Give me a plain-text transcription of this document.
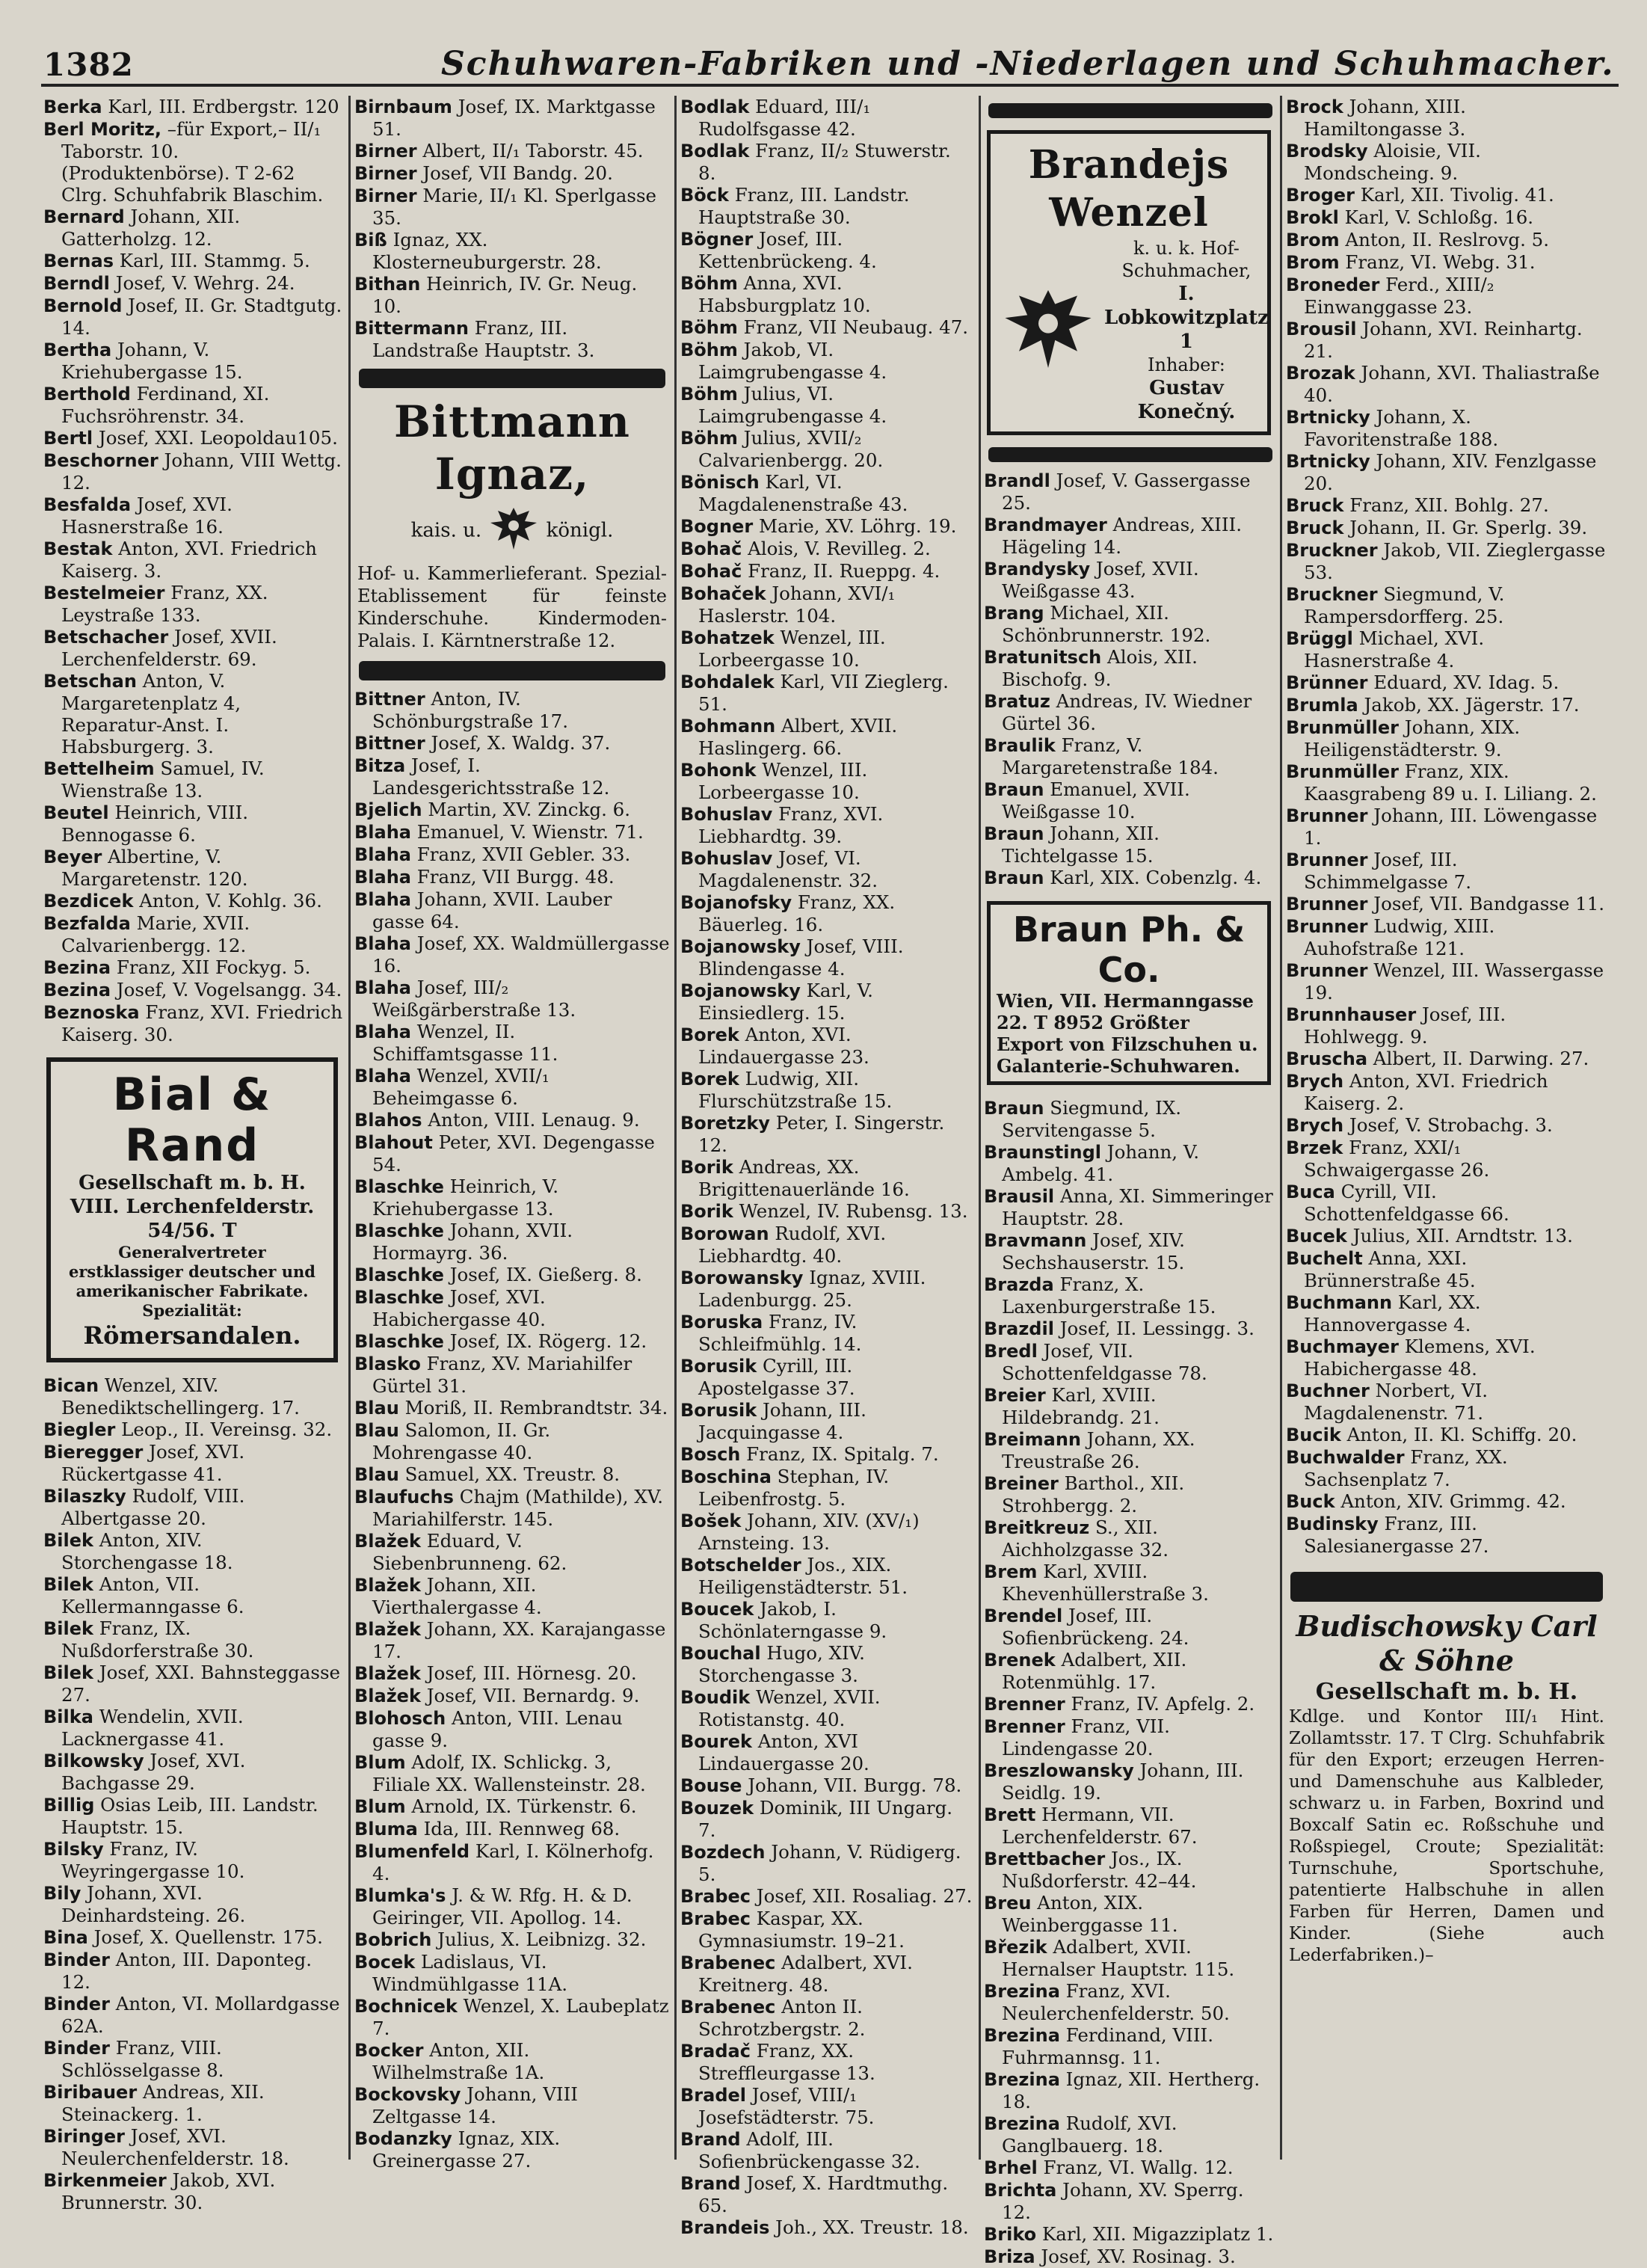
1382	Schuhwaren-Fabriken und -Niederlagen und Schuhmacher.
Berka Karl, III. Erdbergstr. 120
Berl Moritz, –für Export,– II/₁ Taborstr. 10. (Produktenbörse). T 2-62 Clrg. Schuhfabrik Blaschim.
Bernard Johann, XII. Gatterholzg. 12.
Bernas Karl, III. Stammg. 5.
Berndl Josef, V. Wehrg. 24.
Bernold Josef, II. Gr. Stadtgutg. 14.
Bertha Johann, V. Kriehubergasse 15.
Berthold Ferdinand, XI. Fuchsröhrenstr. 34.
Bertl Josef, XXI. Leopoldau105.
Beschorner Johann, VIII Wettg. 12.
Besfalda Josef, XVI. Hasnerstraße 16.
Bestak Anton, XVI. Friedrich Kaiserg. 3.
Bestelmeier Franz, XX. Leystraße 133.
Betschacher Josef, XVII. Lerchenfelderstr. 69.
Betschan Anton, V. Margaretenplatz 4, Reparatur-Anst. I. Habsburgerg. 3.
Bettelheim Samuel, IV. Wienstraße 13.
Beutel Heinrich, VIII. Bennogasse 6.
Beyer Albertine, V. Margaretenstr. 120.
Bezdicek Anton, V. Kohlg. 36.
Bezfalda Marie, XVII. Calvarienbergg. 12.
Bezina Franz, XII Fockyg. 5.
Bezina Josef, V. Vogelsangg. 34.
Beznoska Franz, XVI. Friedrich Kaiserg. 30.
Bial & Rand
Gesellschaft m. b. H.
VIII. Lerchenfelderstr. 54/56. T
Generalvertreter erstklassiger deutscher und amerikanischer Fabrikate. Spezialität:
Römersandalen.
Bican Wenzel, XIV. Benediktschellingerg. 17.
Biegler Leop., II. Vereinsg. 32.
Bieregger Josef, XVI. Rückertgasse 41.
Bilaszky Rudolf, VIII. Albertgasse 20.
Bilek Anton, XIV. Storchengasse 18.
Bilek Anton, VII. Kellermanngasse 6.
Bilek Franz, IX. Nußdorferstraße 30.
Bilek Josef, XXI. Bahnsteggasse 27.
Bilka Wendelin, XVII. Lacknergasse 41.
Bilkowsky Josef, XVI. Bachgasse 29.
Billig Osias Leib, III. Landstr. Hauptstr. 15.
Bilsky Franz, IV. Weyringergasse 10.
Bily Johann, XVI. Deinhardsteing. 26.
Bina Josef, X. Quellenstr. 175.
Binder Anton, III. Daponteg. 12.
Binder Anton, VI. Mollardgasse 62A.
Binder Franz, VIII. Schlösselgasse 8.
Biribauer Andreas, XII. Steinackerg. 1.
Biringer Josef, XVI. Neulerchenfelderstr. 18.
Birkenmeier Jakob, XVI. Brunnerstr. 30.
Birnbaum Josef, IX. Marktgasse 51.
Birner Albert, II/₁ Taborstr. 45.
Birner Josef, VII Bandg. 20.
Birner Marie, II/₁ Kl. Sperlgasse 35.
Biß Ignaz, XX. Klosterneuburgerstr. 28.
Bithan Heinrich, IV. Gr. Neug. 10.
Bittermann Franz, III. Landstraße Hauptstr. 3.
Bittmann Ignaz,
kais. u.	königl.
Hof- u. Kammerlieferant. Spezial-Etablissement für feinste Kinderschuhe. Kindermoden-Palais. I. Kärntnerstraße 12.
Bittner Anton, IV. Schönburgstraße 17.
Bittner Josef, X. Waldg. 37.
Bitza Josef, I. Landesgerichtsstraße 12.
Bjelich Martin, XV. Zinckg. 6.
Blaha Emanuel, V. Wienstr. 71.
Blaha Franz, XVII Gebler. 33.
Blaha Franz, VII Burgg. 48.
Blaha Johann, XVII. Lauber gasse 64.
Blaha Josef, XX. Waldmüllergasse 16.
Blaha Josef, III/₂ Weißgärberstraße 13.
Blaha Wenzel, II. Schiffamtsgasse 11.
Blaha Wenzel, XVII/₁ Beheimgasse 6.
Blahos Anton, VIII. Lenaug. 9.
Blahout Peter, XVI. Degengasse 54.
Blaschke Heinrich, V. Kriehubergasse 13.
Blaschke Johann, XVII. Hormayrg. 36.
Blaschke Josef, IX. Gießerg. 8.
Blaschke Josef, XVI. Habichergasse 40.
Blaschke Josef, IX. Rögerg. 12.
Blasko Franz, XV. Mariahilfer Gürtel 31.
Blau Moriß, II. Rembrandtstr. 34.
Blau Salomon, II. Gr. Mohrengasse 40.
Blau Samuel, XX. Treustr. 8.
Blaufuchs Chajm (Mathilde), XV. Mariahilferstr. 145.
Blažek Eduard, V. Siebenbrunneng. 62.
Blažek Johann, XII. Vierthalergasse 4.
Blažek Johann, XX. Karajangasse 17.
Blažek Josef, III. Hörnesg. 20.
Blažek Josef, VII. Bernardg. 9.
Blohosch Anton, VIII. Lenau gasse 9.
Blum Adolf, IX. Schlickg. 3, Filiale XX. Wallensteinstr. 28.
Blum Arnold, IX. Türkenstr. 6.
Bluma Ida, III. Rennweg 68.
Blumenfeld Karl, I. Kölnerhofg. 4.
Blumka's J. & W. Rfg. H. & D. Geiringer, VII. Apollog. 14.
Bobrich Julius, X. Leibnizg. 32.
Bocek Ladislaus, VI. Windmühlgasse 11A.
Bochnicek Wenzel, X. Laubeplatz 7.
Bocker Anton, XII. Wilhelmstraße 1A.
Bockovsky Johann, VIII Zeltgasse 14.
Bodanzky Ignaz, XIX. Greinergasse 27.
Bodlak Eduard, III/₁ Rudolfsgasse 42.
Bodlak Franz, II/₂ Stuwerstr. 8.
Böck Franz, III. Landstr. Hauptstraße 30.
Bögner Josef, III. Kettenbrückeng. 4.
Böhm Anna, XVI. Habsburgplatz 10.
Böhm Franz, VII Neubaug. 47.
Böhm Jakob, VI. Laimgrubengasse 4.
Böhm Julius, VI. Laimgrubengasse 4.
Böhm Julius, XVII/₂ Calvarienbergg. 20.
Bönisch Karl, VI. Magdalenenstraße 43.
Bogner Marie, XV. Löhrg. 19.
Bohač Alois, V. Revilleg. 2.
Bohač Franz, II. Rueppg. 4.
Bohaček Johann, XVI/₁ Haslerstr. 104.
Bohatzek Wenzel, III. Lorbeergasse 10.
Bohdalek Karl, VII Zieglerg. 51.
Bohmann Albert, XVII. Haslingerg. 66.
Bohonk Wenzel, III. Lorbeergasse 10.
Bohuslav Franz, XVI. Liebhardtg. 39.
Bohuslav Josef, VI. Magdalenenstr. 32.
Bojanofsky Franz, XX. Bäuerleg. 16.
Bojanowsky Josef, VIII. Blindengasse 4.
Bojanowsky Karl, V. Einsiedlerg. 15.
Borek Anton, XVI. Lindauergasse 23.
Borek Ludwig, XII. Flurschützstraße 15.
Boretzky Peter, I. Singerstr. 12.
Borik Andreas, XX. Brigittenauerlände 16.
Borik Wenzel, IV. Rubensg. 13.
Borowan Rudolf, XVI. Liebhardtg. 40.
Borowansky Ignaz, XVIII. Ladenburgg. 25.
Boruska Franz, IV. Schleifmühlg. 14.
Borusik Cyrill, III. Apostelgasse 37.
Borusik Johann, III. Jacquingasse 4.
Bosch Franz, IX. Spitalg. 7.
Boschina Stephan, IV. Leibenfrostg. 5.
Bošek Johann, XIV. (XV/₁) Arnsteing. 13.
Botschelder Jos., XIX. Heiligenstädterstr. 51.
Boucek Jakob, I. Schönlaterngasse 9.
Bouchal Hugo, XIV. Storchengasse 3.
Boudik Wenzel, XVII. Rotistanstg. 40.
Bourek Anton, XVI Lindauergasse 20.
Bouse Johann, VII. Burgg. 78.
Bouzek Dominik, III Ungarg. 7.
Bozdech Johann, V. Rüdigerg. 5.
Brabec Josef, XII. Rosaliag. 27.
Brabec Kaspar, XX. Gymnasiumstr. 19–21.
Brabenec Adalbert, XVI. Kreitnerg. 48.
Brabenec Anton II. Schrotzbergstr. 2.
Bradač Franz, XX. Streffleurgasse 13.
Bradel Josef, VIII/₁ Josefstädterstr. 75.
Brand Adolf, III. Sofienbrückengasse 32.
Brand Josef, X. Hardtmuthg. 65.
Brandeis Joh., XX. Treustr. 18.
Brandejs Wenzel
k. u. k. Hof-Schuhmacher,
I. Lobkowitzplatz 1
Inhaber:
Gustav Konečný.
Brandl Josef, V. Gassergasse 25.
Brandmayer Andreas, XIII. Hägeling 14.
Brandysky Josef, XVII. Weißgasse 43.
Brang Michael, XII. Schönbrunnerstr. 192.
Bratunitsch Alois, XII. Bischofg. 9.
Bratuz Andreas, IV. Wiedner Gürtel 36.
Braulik Franz, V. Margaretenstraße 184.
Braun Emanuel, XVII. Weißgasse 10.
Braun Johann, XII. Tichtelgasse 15.
Braun Karl, XIX. Cobenzlg. 4.
Braun Ph. & Co.
Wien, VII. Hermanngasse 22. T 8952 Größter Export von Filzschuhen u. Galanterie-Schuhwaren.
Braun Siegmund, IX. Servitengasse 5.
Braunstingl Johann, V. Ambelg. 41.
Brausil Anna, XI. Simmeringer Hauptstr. 28.
Bravmann Josef, XIV. Sechshauserstr. 15.
Brazda Franz, X. Laxenburgerstraße 15.
Brazdil Josef, II. Lessingg. 3.
Bredl Josef, VII. Schottenfeldgasse 78.
Breier Karl, XVIII. Hildebrandg. 21.
Breimann Johann, XX. Treustraße 26.
Breiner Barthol., XII. Strohbergg. 2.
Breitkreuz S., XII. Aichholzgasse 32.
Brem Karl, XVIII. Khevenhüllerstraße 3.
Brendel Josef, III. Sofienbrückeng. 24.
Brenek Adalbert, XII. Rotenmühlg. 17.
Brenner Franz, IV. Apfelg. 2.
Brenner Franz, VII. Lindengasse 20.
Breszlowansky Johann, III. Seidlg. 19.
Brett Hermann, VII. Lerchenfelderstr. 67.
Brettbacher Jos., IX. Nußdorferstr. 42–44.
Breu Anton, XIX. Weinberggasse 11.
Březik Adalbert, XVII. Hernalser Hauptstr. 115.
Brezina Franz, XVI. Neulerchenfelderstr. 50.
Brezina Ferdinand, VIII. Fuhrmannsg. 11.
Brezina Ignaz, XII. Hertherg. 18.
Brezina Rudolf, XVI. Ganglbauerg. 18.
Brhel Franz, VI. Wallg. 12.
Brichta Johann, XV. Sperrg. 12.
Briko Karl, XII. Migazziplatz 1.
Briza Josef, XV. Rosinag. 3.
Brock Johann, XIII. Hamiltongasse 3.
Brodsky Aloisie, VII. Mondscheing. 9.
Broger Karl, XII. Tivolig. 41.
Brokl Karl, V. Schloßg. 16.
Brom Anton, II. Reslrovg. 5.
Brom Franz, VI. Webg. 31.
Broneder Ferd., XIII/₂ Einwanggasse 23.
Brousil Johann, XVI. Reinhartg. 21.
Brozak Johann, XVI. Thaliastraße 40.
Brtnicky Johann, X. Favoritenstraße 188.
Brtnicky Johann, XIV. Fenzlgasse 20.
Bruck Franz, XII. Bohlg. 27.
Bruck Johann, II. Gr. Sperlg. 39.
Bruckner Jakob, VII. Zieglergasse 53.
Bruckner Siegmund, V. Rampersdorfferg. 25.
Brüggl Michael, XVI. Hasnerstraße 4.
Brünner Eduard, XV. Idag. 5.
Brumla Jakob, XX. Jägerstr. 17.
Brunmüller Johann, XIX. Heiligenstädterstr. 9.
Brunmüller Franz, XIX. Kaasgrabeng 89 u. I. Liliang. 2.
Brunner Johann, III. Löwengasse 1.
Brunner Josef, III. Schimmelgasse 7.
Brunner Josef, VII. Bandgasse 11.
Brunner Ludwig, XIII. Auhofstraße 121.
Brunner Wenzel, III. Wassergasse 19.
Brunnhauser Josef, III. Hohlwegg. 9.
Bruscha Albert, II. Darwing. 27.
Brych Anton, XVI. Friedrich Kaiserg. 2.
Brych Josef, V. Strobachg. 3.
Brzek Franz, XXI/₁ Schwaigergasse 26.
Buca Cyrill, VII. Schottenfeldgasse 66.
Bucek Julius, XII. Arndtstr. 13.
Buchelt Anna, XXI. Brünnerstraße 45.
Buchmann Karl, XX. Hannovergasse 4.
Buchmayer Klemens, XVI. Habichergasse 48.
Buchner Norbert, VI. Magdalenenstr. 71.
Bucik Anton, II. Kl. Schiffg. 20.
Buchwalder Franz, XX. Sachsenplatz 7.
Buck Anton, XIV. Grimmg. 42.
Budinsky Franz, III. Salesianergasse 27.
Budischowsky Carl & Söhne
Gesellschaft m. b. H.
Kdlge. und Kontor III/₁ Hint. Zollamtsstr. 17. T Clrg. Schuhfabrik für den Export; erzeugen Herren- und Damenschuhe aus Kalbleder, schwarz u. in Farben, Boxrind und Boxcalf Satin ec. Roßschuhe und Roßspiegel, Croute; Spezialität: Turnschuhe, Sportschuhe, patentierte Halbschuhe in allen Farben für Herren, Damen und Kinder. (Siehe auch Lederfabriken.)–
